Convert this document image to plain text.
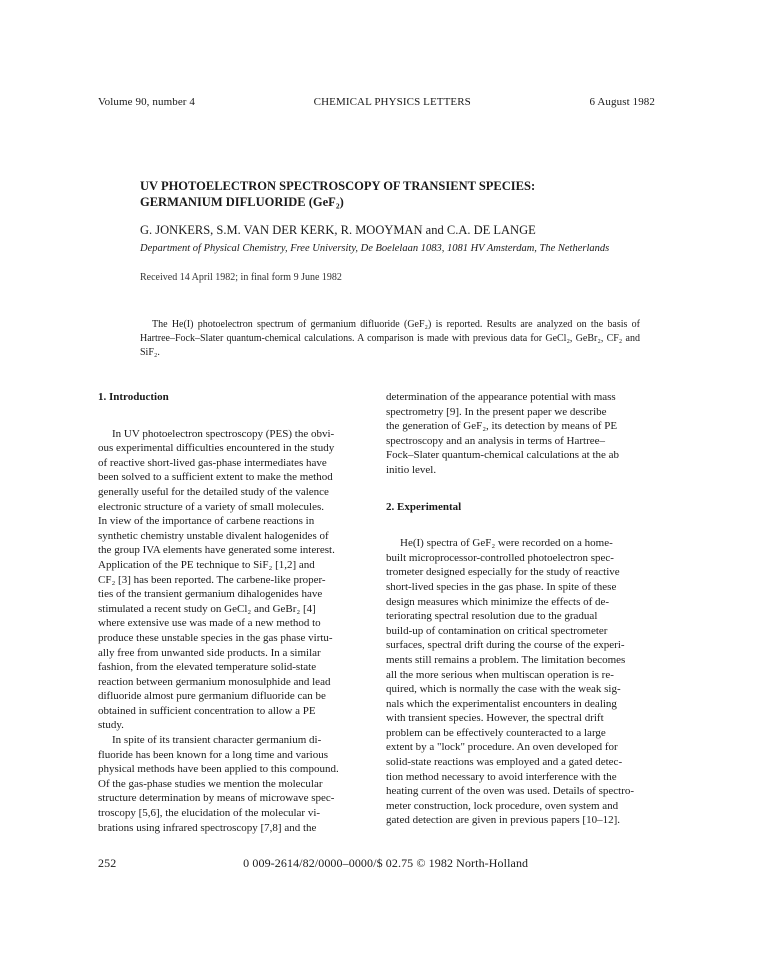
Volume 90, number 4	CHEMICAL PHYSICS LETTERS	6 August 1982
UV PHOTOELECTRON SPECTROSCOPY OF TRANSIENT SPECIES:
GERMANIUM DIFLUORIDE (GeF₂)
G. JONKERS, S.M. VAN DER KERK, R. MOOYMAN and C.A. DE LANGE
Department of Physical Chemistry, Free University, De Boelelaan 1083, 1081 HV Amsterdam, The Netherlands
Received 14 April 1982; in final form 9 June 1982
The He(I) photoelectron spectrum of germanium difluoride (GeF₂) is reported. Results are analyzed on the basis of Hartree–Fock–Slater quantum-chemical calculations. A comparison is made with previous data for GeCl₂, GeBr₂, CF₂ and SiF₂.
1. Introduction
In UV photoelectron spectroscopy (PES) the obvi-
ous experimental difficulties encountered in the study
of reactive short-lived gas-phase intermediates have
been solved to a sufficient extent to make the method
generally useful for the detailed study of the valence
electronic structure of a variety of small molecules.
In view of the importance of carbene reactions in
synthetic chemistry unstable divalent halogenides of
the group IVA elements have generated some interest.
Application of the PE technique to SiF₂ [1,2] and
CF₂ [3] has been reported. The carbene-like proper-
ties of the transient germanium dihalogenides have
stimulated a recent study on GeCl₂ and GeBr₂ [4]
where extensive use was made of a new method to
produce these unstable species in the gas phase virtu-
ally free from unwanted side products. In a similar
fashion, from the elevated temperature solid-state
reaction between germanium monosulphide and lead
difluoride almost pure germanium difluoride can be
obtained in sufficient concentration to allow a PE
study.
In spite of its transient character germanium di-
fluoride has been known for a long time and various
physical methods have been applied to this compound.
Of the gas-phase studies we mention the molecular
structure determination by means of microwave spec-
troscopy [5,6], the elucidation of the molecular vi-
brations using infrared spectroscopy [7,8] and the
determination of the appearance potential with mass
spectrometry [9]. In the present paper we describe
the generation of GeF₂, its detection by means of PE
spectroscopy and an analysis in terms of Hartree–
Fock–Slater quantum-chemical calculations at the ab
initio level.
2. Experimental
He(I) spectra of GeF₂ were recorded on a home-
built microprocessor-controlled photoelectron spec-
trometer designed especially for the study of reactive
short-lived species in the gas phase. In spite of these
design measures which minimize the effects of de-
teriorating spectral resolution due to the gradual
build-up of contamination on critical spectrometer
surfaces, spectral drift during the course of the experi-
ments still remains a problem. The limitation becomes
all the more serious when multiscan operation is re-
quired, which is normally the case with the weak sig-
nals which the experimentalist encounters in dealing
with transient species. However, the spectral drift
problem can be effectively counteracted to a large
extent by a "lock" procedure. An oven developed for
solid-state reactions was employed and a gated detec-
tion method necessary to avoid interference with the
heating current of the oven was used. Details of spectro-
meter construction, lock procedure, oven system and
gated detection are given in previous papers [10–12].
252	0 009-2614/82/0000–0000/$ 02.75 © 1982 North-Holland
